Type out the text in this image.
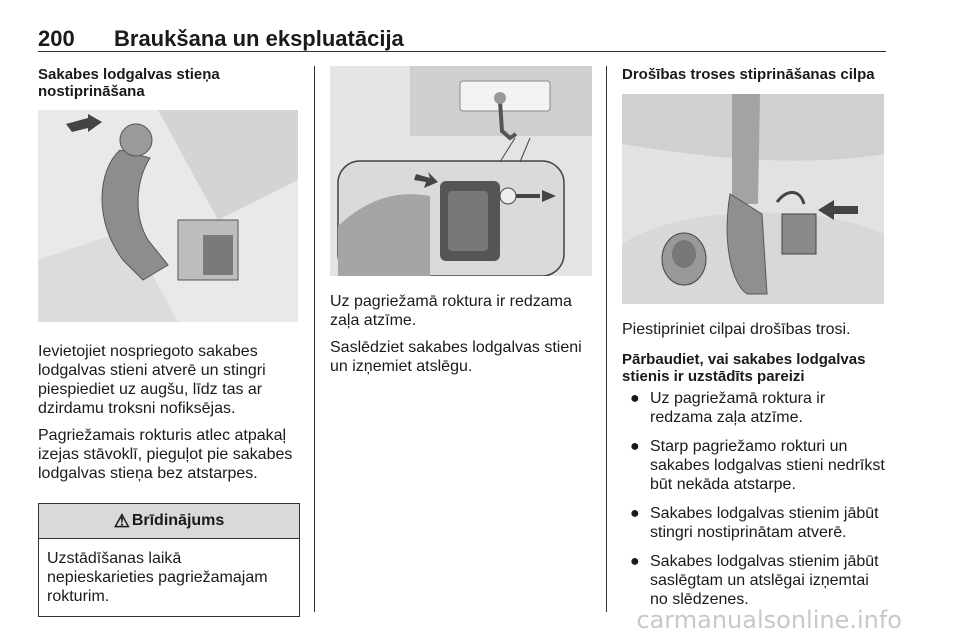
200 Braukšana un ekspluatācija
Sakabes lodgalvas stieņa nostiprināšana

Ievietojiet nospriegoto sakabes lodgalvas stieni atverē un stingri piespiediet uz augšu, līdz tas ar dzirdamu troksni nofiksējas.

Pagriežamais rokturis atlec atpakaļ izejas stāvoklī, pieguļot pie sakabes lodgalvas stieņa bez atstarpes.

⚠ Brīdinājums
Uzstādīšanas laikā nepieskarieties pagriežamajam rokturim.

Uz pagriežamā roktura ir redzama zaļa atzīme.

Saslēdziet sakabes lodgalvas stieni un izņemiet atslēgu.

Drošības troses stiprināšanas cilpa

Piestipriniet cilpai drošības trosi.

Pārbaudiet, vai sakabes lodgalvas stienis ir uzstādīts pareizi
● Uz pagriežamā roktura ir redzama zaļa atzīme.
● Starp pagriežamo rokturi un sakabes lodgalvas stieni nedrīkst būt nekāda atstarpe.
● Sakabes lodgalvas stienim jābūt stingri nostiprinātam atverē.
● Sakabes lodgalvas stienim jābūt saslēgtam un atslēgai izņemtai no slēdzenes.
carmanualsonline.info
